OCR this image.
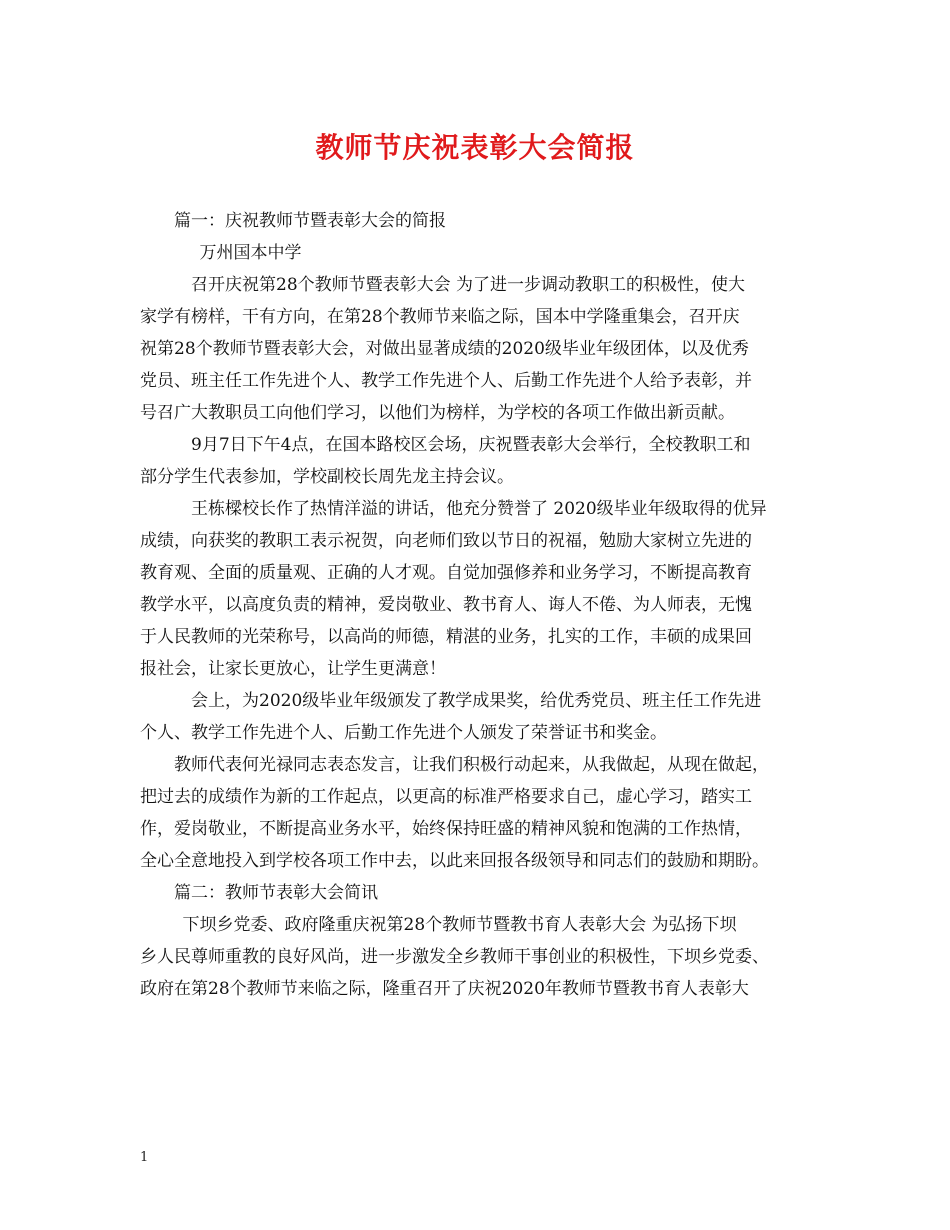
教师节庆祝表彰大会简报
篇一：庆祝教师节暨表彰大会的简报
万州国本中学
召开庆祝第28个教师节暨表彰大会 为了进一步调动教职工的积极性，使大
家学有榜样，干有方向，在第28个教师节来临之际，国本中学隆重集会，召开庆
祝第28个教师节暨表彰大会，对做出显著成绩的2020级毕业年级团体，以及优秀
党员、班主任工作先进个人、教学工作先进个人、后勤工作先进个人给予表彰，并
号召广大教职员工向他们学习，以他们为榜样，为学校的各项工作做出新贡献。
9月7日下午4点，在国本路校区会场，庆祝暨表彰大会举行，全校教职工和
部分学生代表参加，学校副校长周先龙主持会议。
王栋樑校长作了热情洋溢的讲话，他充分赞誉了 2020级毕业年级取得的优异
成绩，向获奖的教职工表示祝贺，向老师们致以节日的祝福，勉励大家树立先进的
教育观、全面的质量观、正确的人才观。自觉加强修养和业务学习，不断提高教育
教学水平，以高度负责的精神，爱岗敬业、教书育人、诲人不倦、为人师表，无愧
于人民教师的光荣称号，以高尚的师德，精湛的业务，扎实的工作，丰硕的成果回
报社会，让家长更放心，让学生更满意！
会上，为2020级毕业年级颁发了教学成果奖，给优秀党员、班主任工作先进
个人、教学工作先进个人、后勤工作先进个人颁发了荣誉证书和奖金。
教师代表何光禄同志表态发言，让我们积极行动起来，从我做起，从现在做起，
把过去的成绩作为新的工作起点，以更高的标准严格要求自己，虚心学习，踏实工
作，爱岗敬业，不断提高业务水平，始终保持旺盛的精神风貌和饱满的工作热情，
全心全意地投入到学校各项工作中去，以此来回报各级领导和同志们的鼓励和期盼。
篇二：教师节表彰大会简讯
下坝乡党委、政府隆重庆祝第28个教师节暨教书育人表彰大会 为弘扬下坝
乡人民尊师重教的良好风尚，进一步激发全乡教师干事创业的积极性，下坝乡党委、
政府在第28个教师节来临之际，隆重召开了庆祝2020年教师节暨教书育人表彰大
1
